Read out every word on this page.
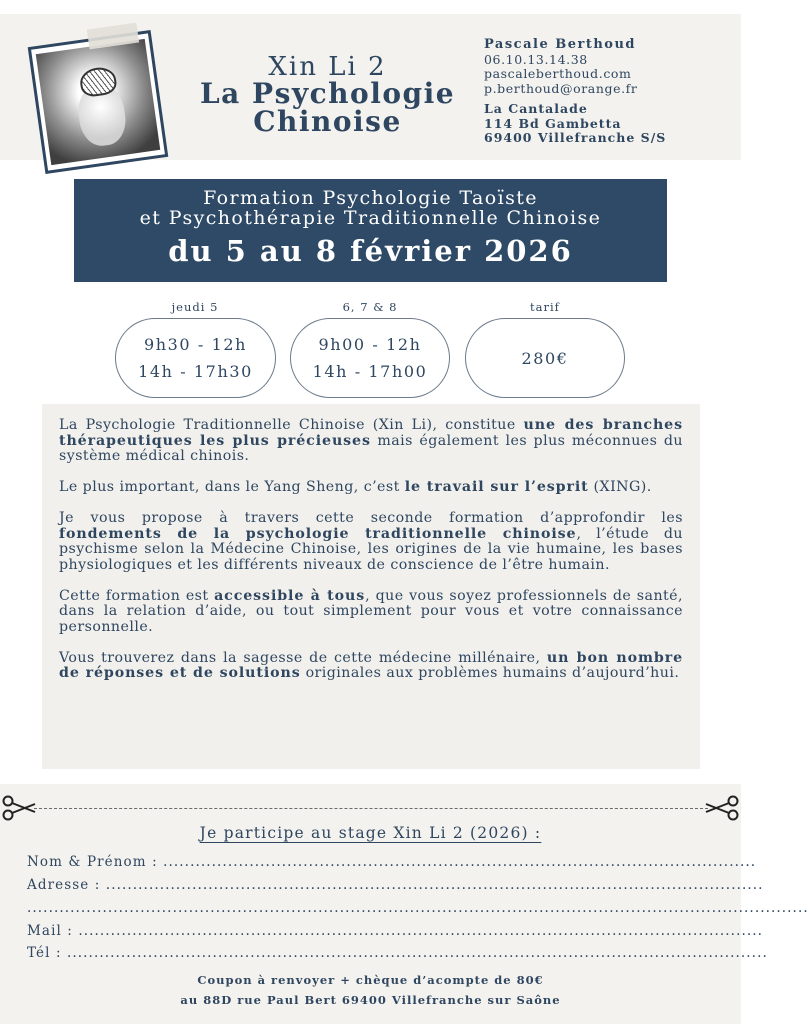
Xin Li 2
La Psychologie
Chinoise
Pascale Berthoud
06.10.13.14.38
pascaleberthoud.com
p.berthoud@orange.fr
La Cantalade
114 Bd Gambetta
69400 Villefranche S/S
Formation Psychologie Taoïste
et Psychothérapie Traditionnelle Chinoise
du 5 au 8 février 2026
jeudi 5
9h30 - 12h
14h - 17h30
6, 7 & 8
9h00 - 12h
14h - 17h00
tarif
280€

La Psychologie Traditionnelle Chinoise (Xin Li), constitue une des branches thérapeutiques les plus précieuses mais également les plus méconnues du système médical chinois.

Le plus important, dans le Yang Sheng, c’est le travail sur l’esprit (XING).

Je vous propose à travers cette seconde formation d’approfondir les fondements de la psychologie traditionnelle chinoise, l’étude du psychisme selon la Médecine Chinoise, les origines de la vie humaine, les bases physiologiques et les différents niveaux de conscience de l’être humain.

Cette formation est accessible à tous, que vous soyez professionnels de santé, dans la relation d’aide, ou tout simplement pour vous et votre connaissance personnelle.

Vous trouverez dans la sagesse de cette médecine millénaire, un bon nombre de réponses et de solutions originales aux problèmes humains d’aujourd’hui.

Je participe au stage Xin Li 2 (2026) :
Nom & Prénom : ..............................................................................................................
Adresse : ..........................................................................................................................
.................................................................................................................................................
Mail : ...............................................................................................................................
Tél : ..................................................................................................................................
Coupon à renvoyer + chèque d’acompte de 80€
au 88D rue Paul Bert 69400 Villefranche sur Saône
